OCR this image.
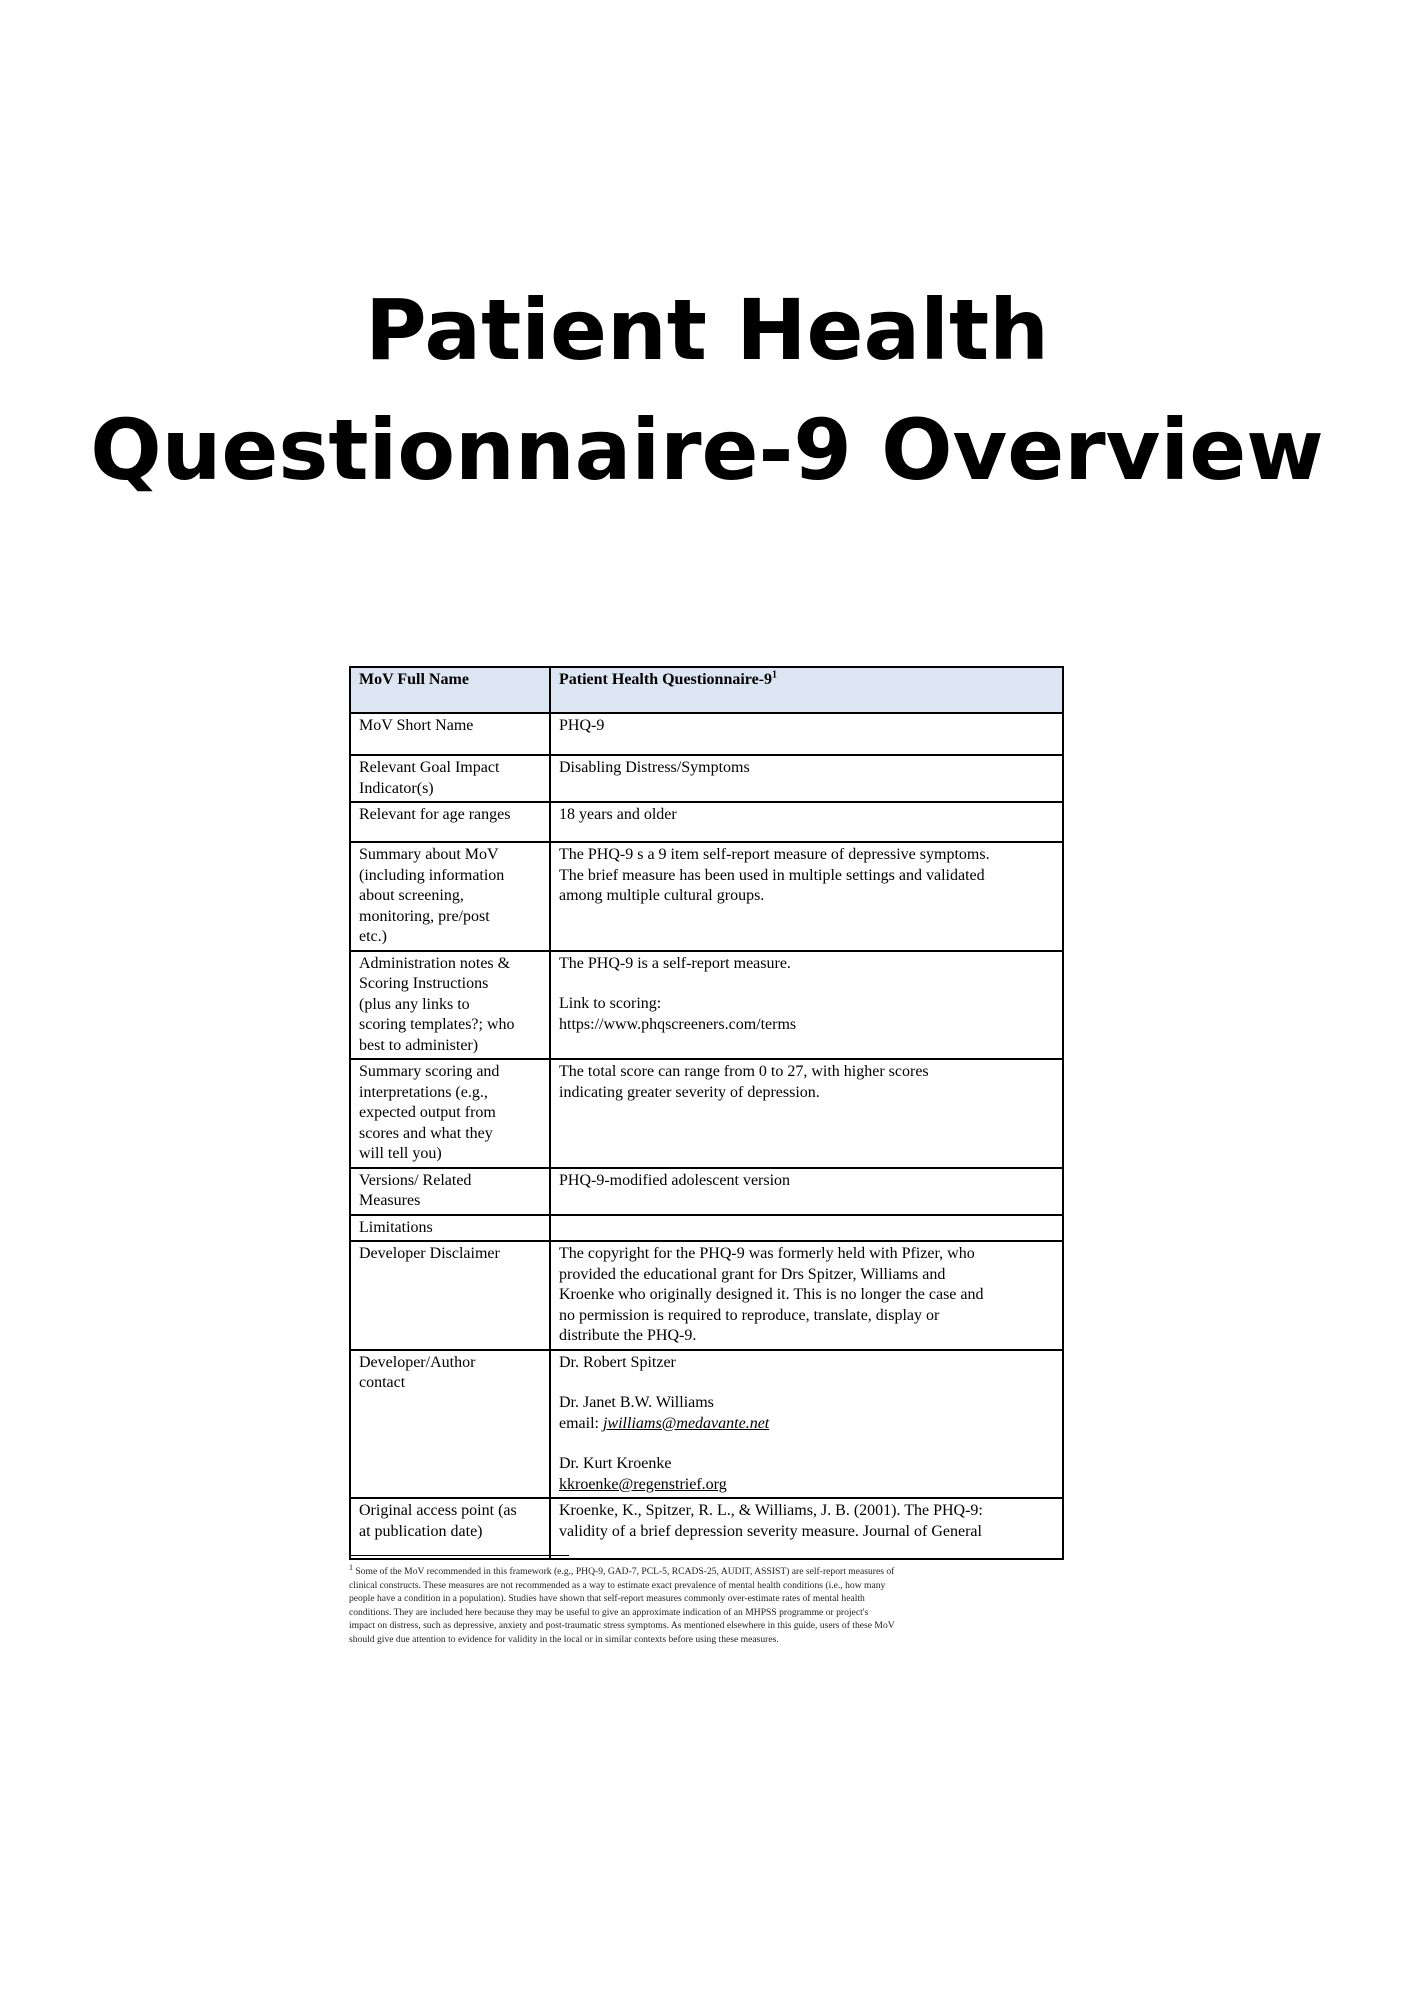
Patient Health
Questionnaire-9 Overview
MoV Full Name	Patient Health Questionnaire-$9^1$
MoV Short Name	PHQ-9

Relevant Goal Impact
Indicator(s)	Disabling Distress/Symptoms
Relevant for age ranges	18 years and older

Summary about MoV
(including information
about screening,
monitoring, pre/post
etc.)	The PHQ-9 s a 9 item self-report measure of depressive symptoms.
The brief measure has been used in multiple settings and validated
among multiple cultural groups.

Administration notes &
Scoring Instructions
(plus any links to
scoring templates?; who
best to administer)	The PHQ-9 is a self-report measure.
Link to scoring:
https://www.phqscreeners.com/terms

Summary scoring and
interpretations (e.g.,
expected output from
scores and what they
will tell you)	The total score can range from 0 to 27, with higher scores
indicating greater severity of depression.

Versions/ Related
Measures	PHQ-9-modified adolescent version
Limitations	
Developer Disclaimer	The copyright for the PHQ-9 was formerly held with Pfizer, who
provided the educational grant for Drs Spitzer, Williams and
Kroenke who originally designed it. This is no longer the case and
no permission is required to reproduce, translate, display or
distribute the PHQ-9.

Developer/Author
contact	Dr. Robert Spitzer
Dr. Janet B.W. Williams
email: jwilliams@medavante.net
Dr. Kurt Kroenke
kkroenke@regenstrief.org

Original access point (as
at publication date)	Kroenke, K., Spitzer, R. L., & Williams, J. B. (2001). The PHQ-9:
validity of a brief depression severity measure. Journal of General
$^1$ Some of the MoV recommended in this framework (e.g., PHQ-9, GAD-7, PCL-5, RCADS-25, AUDIT, ASSIST) are self-report measures of
clinical constructs. These measures are not recommended as a way to estimate exact prevalence of mental health conditions (i.e., how many
people have a condition in a population). Studies have shown that self-report measures commonly over-estimate rates of mental health
conditions. They are included here because they may be useful to give an approximate indication of an MHPSS programme or project's
impact on distress, such as depressive, anxiety and post-traumatic stress symptoms. As mentioned elsewhere in this guide, users of these MoV
should give due attention to evidence for validity in the local or in similar contexts before using these measures.
